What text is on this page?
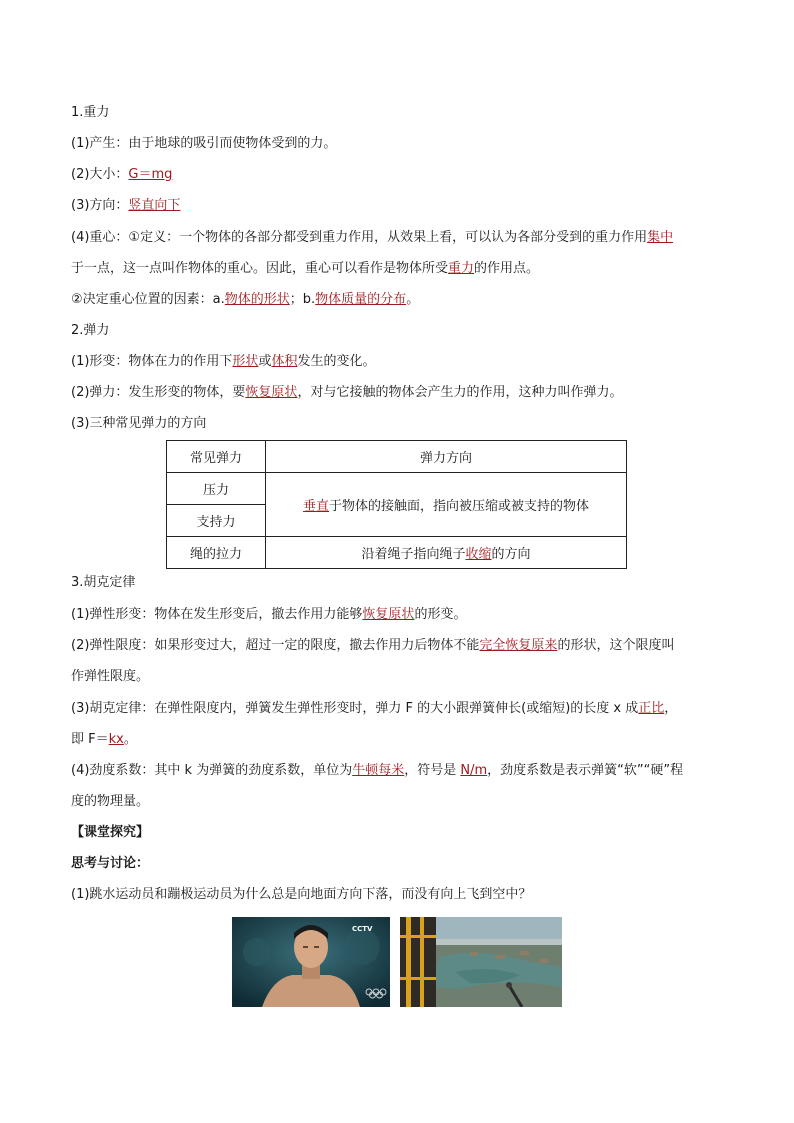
1.重力
(1)产生：由于地球的吸引而使物体受到的力。
(2)大小：G＝mg
(3)方向：竖直向下
(4)重心：①定义：一个物体的各部分都受到重力作用，从效果上看，可以认为各部分受到的重力作用集中
于一点，这一点叫作物体的重心。因此，重心可以看作是物体所受重力的作用点。
②决定重心位置的因素：a.物体的形状；b.物体质量的分布。
2.弹力
(1)形变：物体在力的作用下形状或体积发生的变化。
(2)弹力：发生形变的物体，要恢复原状，对与它接触的物体会产生力的作用，这种力叫作弹力。
(3)三种常见弹力的方向
常见弹力	弹力方向
压力	垂直于物体的接触面，指向被压缩或被支持的物体
支持力	
绳的拉力	沿着绳子指向绳子收缩的方向
3.胡克定律
(1)弹性形变：物体在发生形变后，撤去作用力能够恢复原状的形变。
(2)弹性限度：如果形变过大，超过一定的限度，撤去作用力后物体不能完全恢复原来的形状，这个限度叫
作弹性限度。
(3)胡克定律：在弹性限度内，弹簧发生弹性形变时，弹力 F 的大小跟弹簧伸长(或缩短)的长度 x 成正比，
即 F＝kx。
(4)劲度系数：其中 k 为弹簧的劲度系数，单位为牛顿每米，符号是 N/m，劲度系数是表示弹簧“软”“硬”程
度的物理量。
【课堂探究】
思考与讨论：
(1)跳水运动员和蹦极运动员为什么总是向地面方向下落，而没有向上飞到空中？
CCTV
